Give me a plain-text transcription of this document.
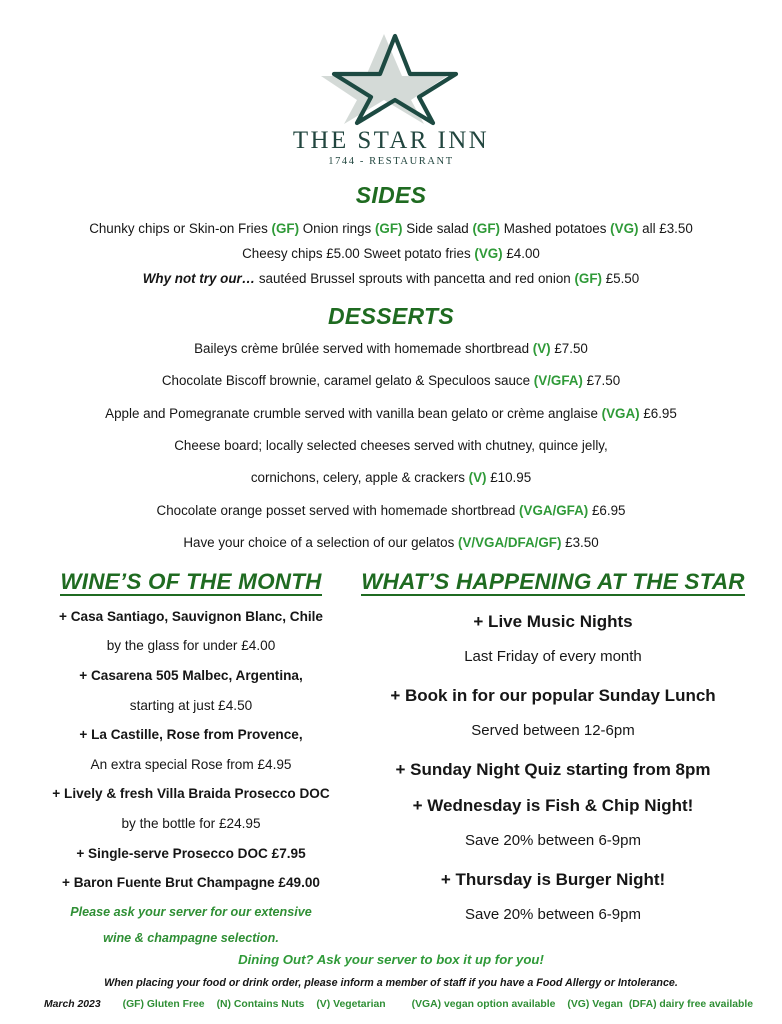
THE STAR INN
1744 - RESTAURANT
SIDES
Chunky chips or Skin-on Fries (GF) Onion rings (GF) Side salad (GF) Mashed potatoes (VG) all £3.50
Cheesy chips £5.00 Sweet potato fries (VG) £4.00
Why not try our… sautéed Brussel sprouts with pancetta and red onion (GF) £5.50
DESSERTS
Baileys crème brûlée served with homemade shortbread (V) £7.50
Chocolate Biscoff brownie, caramel gelato & Speculoos sauce (V/GFA) £7.50
Apple and Pomegranate crumble served with vanilla bean gelato or crème anglaise (VGA) £6.95
Cheese board; locally selected cheeses served with chutney, quince jelly,
cornichons, celery, apple & crackers (V) £10.95
Chocolate orange posset served with homemade shortbread (VGA/GFA) £6.95
Have your choice of a selection of our gelatos (V/VGA/DFA/GF) £3.50
WINE’S OF THE MONTH
+ Casa Santiago, Sauvignon Blanc, Chile
by the glass for under £4.00
+ Casarena 505 Malbec, Argentina,
starting at just £4.50
+ La Castille, Rose from Provence,
An extra special Rose from £4.95
+ Lively & fresh Villa Braida Prosecco DOC
by the bottle for £24.95
+ Single-serve Prosecco DOC £7.95
+ Baron Fuente Brut Champagne £49.00
Please ask your server for our extensive
wine & champagne selection.
WHAT’S HAPPENING AT THE STAR
+ Live Music Nights
Last Friday of every month
+ Book in for our popular Sunday Lunch
Served between 12-6pm
+ Sunday Night Quiz starting from 8pm
+ Wednesday is Fish & Chip Night!
Save 20% between 6-9pm
+ Thursday is Burger Night!
Save 20% between 6-9pm
Dining Out? Ask your server to box it up for you!
When placing your food or drink order, please inform a member of staff if you have a Food Allergy or Intolerance.
March 2023 (GF) Gluten Free (N) Contains Nuts (V) Vegetarian	(VGA) vegan option available (VG) Vegan (DFA) dairy free available
